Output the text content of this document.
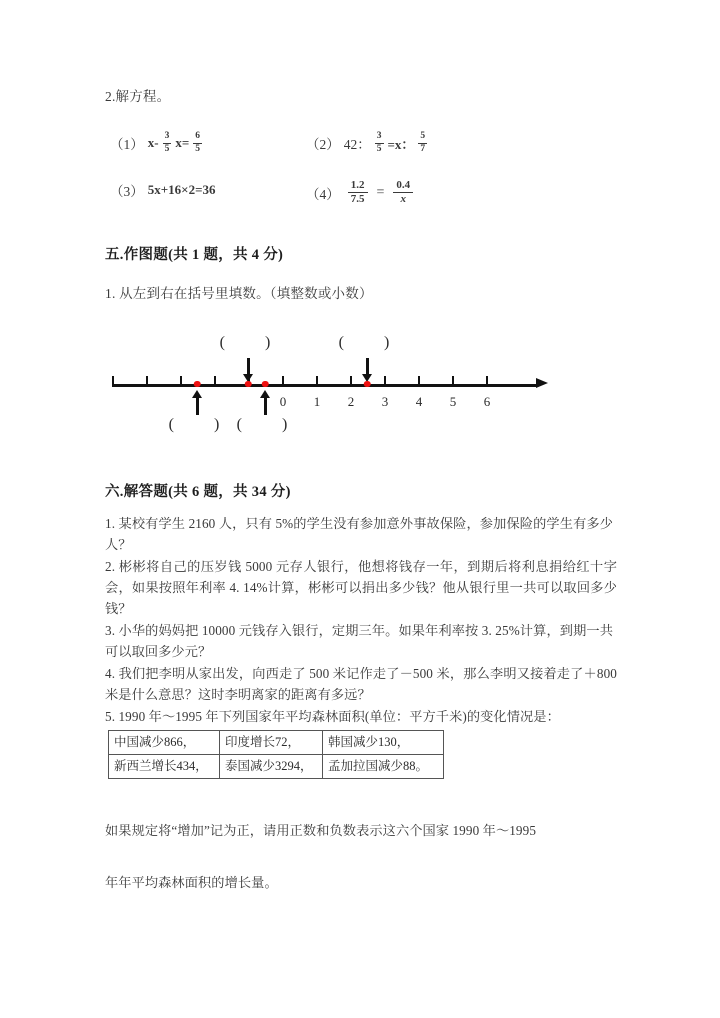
2.解方程。
（1） $x- \frac{3}{5} x= \frac{6}{5}$	（2） 42： $\frac{3}{5} =x$： $\frac{5}{7}$
（3） 5x+16×2=36	$(4) \frac{1.2}{7.5} = \frac{0.4}{x}$
五.作图题(共 1 题，共 4 分)
1. 从左到右在括号里填数。（填整数或小数）
0 1 2 3 4 5 6
( )	( )
( ) ( )
六.解答题(共 6 题，共 34 分)
1. 某校有学生 2160 人，只有 5%的学生没有参加意外事故保险，参加保险的学生有多少人？
2. 彬彬将自己的压岁钱 5000 元存人银行，他想将钱存一年，到期后将利息捐给红十字会，如果按照年利率 4. 14%计算，彬彬可以捐出多少钱？他从银行里一共可以取回多少钱？
3. 小华的妈妈把 10000 元钱存入银行，定期三年。如果年利率按 3. 25%计算，到期一共可以取回多少元？
4. 我们把李明从家出发，向西走了 500 米记作走了－500 米，那么李明又接着走了＋800 米是什么意思？这时李明离家的距离有多远？
5. 1990 年～1995 年下列国家年平均森林面积(单位：平方千米)的变化情况是：
中国减少866，	印度增长72，	韩国减少130，
新西兰增长434，	泰国减少3294，	孟加拉国减少88。
如果规定将“增加”记为正，请用正数和负数表示这六个国家 1990 年～1995
年年平均森林面积的增长量。
